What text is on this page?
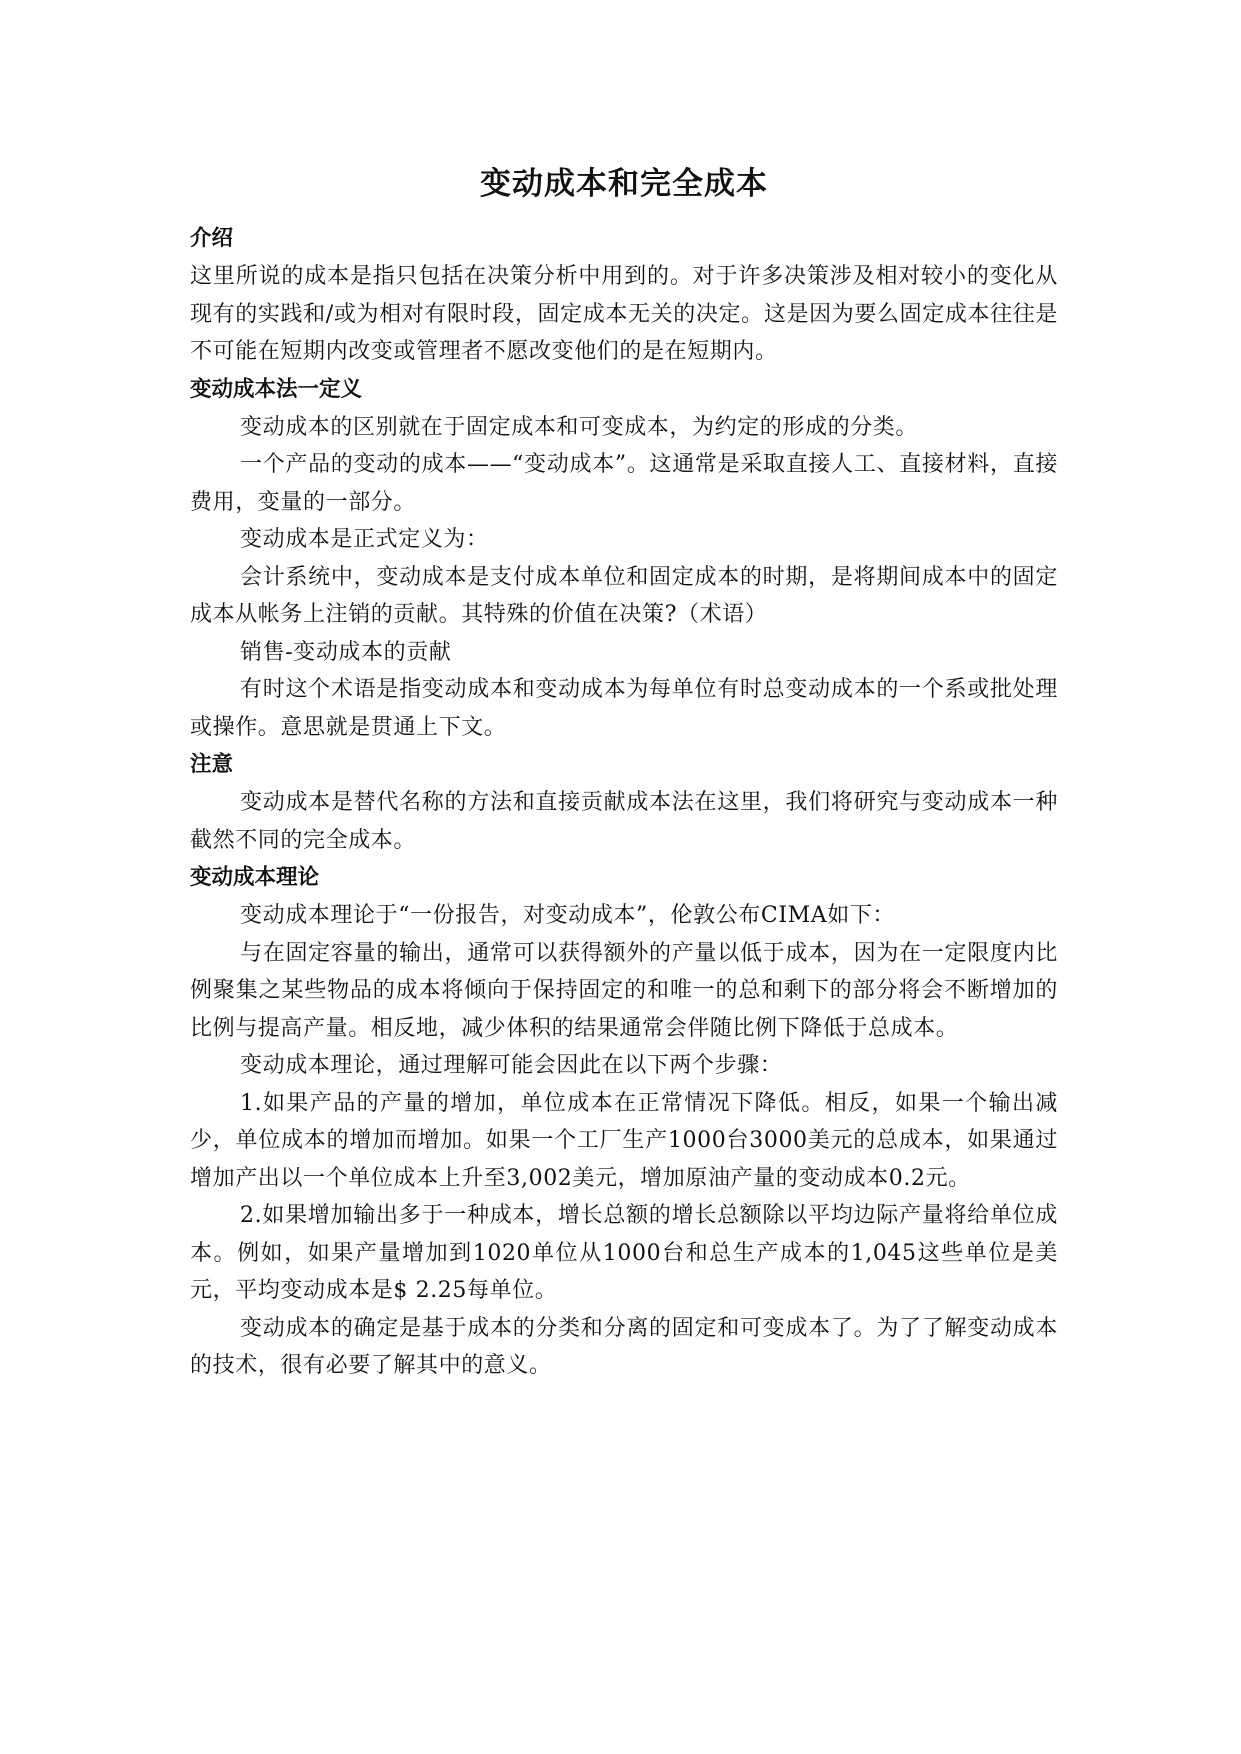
变动成本和完全成本
介绍

这里所说的成本是指只包括在决策分析中用到的。对于许多决策涉及相对较小的变化从现有的实践和/或为相对有限时段，固定成本无关的决定。这是因为要么固定成本往往是不可能在短期内改变或管理者不愿改变他们的是在短期内。

变动成本法一定义

变动成本的区别就在于固定成本和可变成本，为约定的形成的分类。

一个产品的变动的成本——“变动成本”。这通常是采取直接人工、直接材料，直接费用，变量的一部分。

变动成本是正式定义为：

会计系统中，变动成本是支付成本单位和固定成本的时期，是将期间成本中的固定成本从帐务上注销的贡献。其特殊的价值在决策?（术语）

销售-变动成本的贡献

有时这个术语是指变动成本和变动成本为每单位有时总变动成本的一个系或批处理或操作。意思就是贯通上下文。

注意

变动成本是替代名称的方法和直接贡献成本法在这里，我们将研究与变动成本一种截然不同的完全成本。

变动成本理论

变动成本理论于“一份报告，对变动成本”，伦敦公布CIMA如下：

与在固定容量的输出，通常可以获得额外的产量以低于成本，因为在一定限度内比例聚集之某些物品的成本将倾向于保持固定的和唯一的总和剩下的部分将会不断增加的比例与提高产量。相反地，减少体积的结果通常会伴随比例下降低于总成本。

变动成本理论，通过理解可能会因此在以下两个步骤：

1.如果产品的产量的增加，单位成本在正常情况下降低。相反，如果一个输出减少，单位成本的增加而增加。如果一个工厂生产1000台3000美元的总成本，如果通过增加产出以一个单位成本上升至3,002美元，增加原油产量的变动成本0.2元。

2.如果增加输出多于一种成本，增长总额的增长总额除以平均边际产量将给单位成本。例如，如果产量增加到1020单位从1000台和总生产成本的1,045这些单位是美元，平均变动成本是$ 2.25每单位。

变动成本的确定是基于成本的分类和分离的固定和可变成本了。为了了解变动成本的技术，很有必要了解其中的意义。
